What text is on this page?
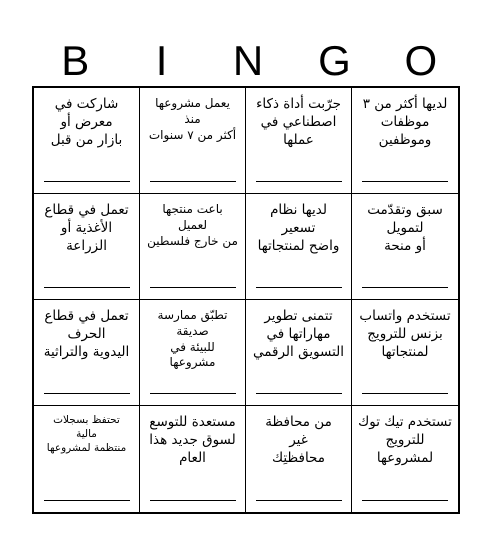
B	I	N	G	O
شاركت في
معرض أو
بازار من قبل
يعمل مشروعها
منذ
أكثر من ٧ سنوات
جرّبت أداة ذكاء
اصطناعي في
عملها
لديها أكثر من ٣
موظفات
وموظفين
تعمل في قطاع
الأغذية أو
الزراعة
باعت منتجها
لعميل
من خارج فلسطين
لديها نظام
تسعير
واضح لمنتجاتها
سبق وتقدّمت
لتمويل
أو منحة
تعمل في قطاع
الحرف
اليدوية والتراثية
تطبّق ممارسة
صديقة
للبيئة في
مشروعها
تتمنى تطوير
مهاراتها في
التسويق الرقمي
تستخدم واتساب
بزنس للترويج
لمنتجاتها
تحتفظ بسجلات
مالية
منتظمة لمشروعها
مستعدة للتوسع
لسوق جديد هذا
العام
من محافظة
غير
محافظتِك
تستخدم تيك توك
للترويج
لمشروعها
